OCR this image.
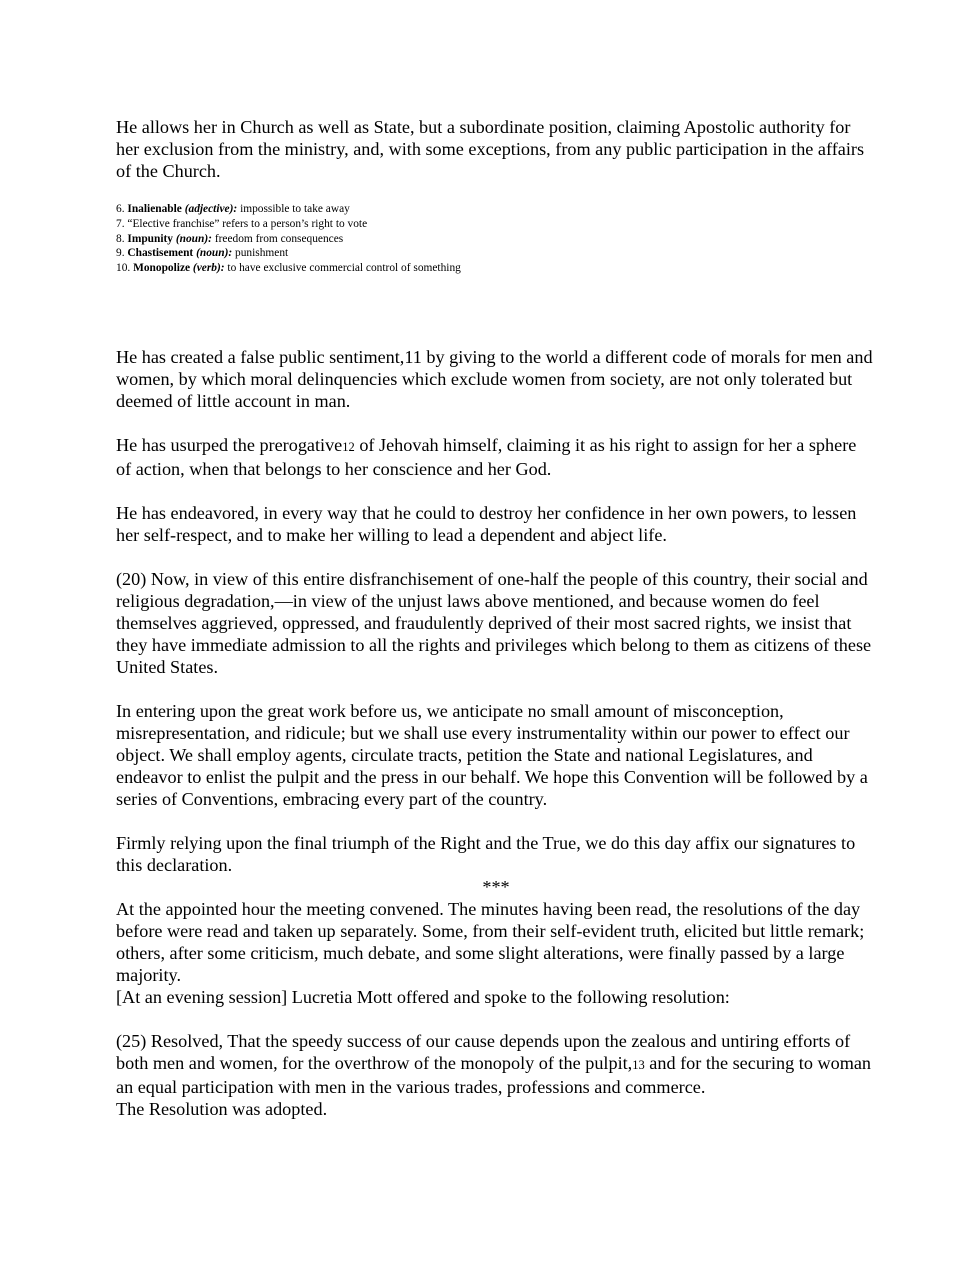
He allows her in Church as well as State, but a subordinate position, claiming Apostolic authority for her exclusion from the ministry, and, with some exceptions, from any public participation in the affairs of the Church.

6. Inalienable (adjective): impossible to take away

7. “Elective franchise” refers to a person’s right to vote

8. Impunity (noun): freedom from consequences

9. Chastisement (noun): punishment

10. Monopolize (verb): to have exclusive commercial control of something

He has created a false public sentiment,11 by giving to the world a different code of morals for men and women, by which moral delinquencies which exclude women from society, are not only tolerated but deemed of little account in man.

He has usurped the prerogative12 of Jehovah himself, claiming it as his right to assign for her a sphere of action, when that belongs to her conscience and her God.

He has endeavored, in every way that he could to destroy her confidence in her own powers, to lessen her self-respect, and to make her willing to lead a dependent and abject life.

(20) Now, in view of this entire disfranchisement of one-half the people of this country, their social and religious degradation,—in view of the unjust laws above mentioned, and because women do feel themselves aggrieved, oppressed, and fraudulently deprived of their most sacred rights, we insist that they have immediate admission to all the rights and privileges which belong to them as citizens of these United States.

In entering upon the great work before us, we anticipate no small amount of misconception, misrepresentation, and ridicule; but we shall use every instrumentality within our power to effect our object. We shall employ agents, circulate tracts, petition the State and national Legislatures, and endeavor to enlist the pulpit and the press in our behalf. We hope this Convention will be followed by a series of Conventions, embracing every part of the country.

Firmly relying upon the final triumph of the Right and the True, we do this day affix our signatures to this declaration.

***

At the appointed hour the meeting convened. The minutes having been read, the resolutions of the day before were read and taken up separately. Some, from their self-evident truth, elicited but little remark; others, after some criticism, much debate, and some slight alterations, were finally passed by a large majority.

[At an evening session] Lucretia Mott offered and spoke to the following resolution:

(25) Resolved, That the speedy success of our cause depends upon the zealous and untiring efforts of both men and women, for the overthrow of the monopoly of the pulpit,13 and for the securing to woman an equal participation with men in the various trades, professions and commerce.

The Resolution was adopted.
